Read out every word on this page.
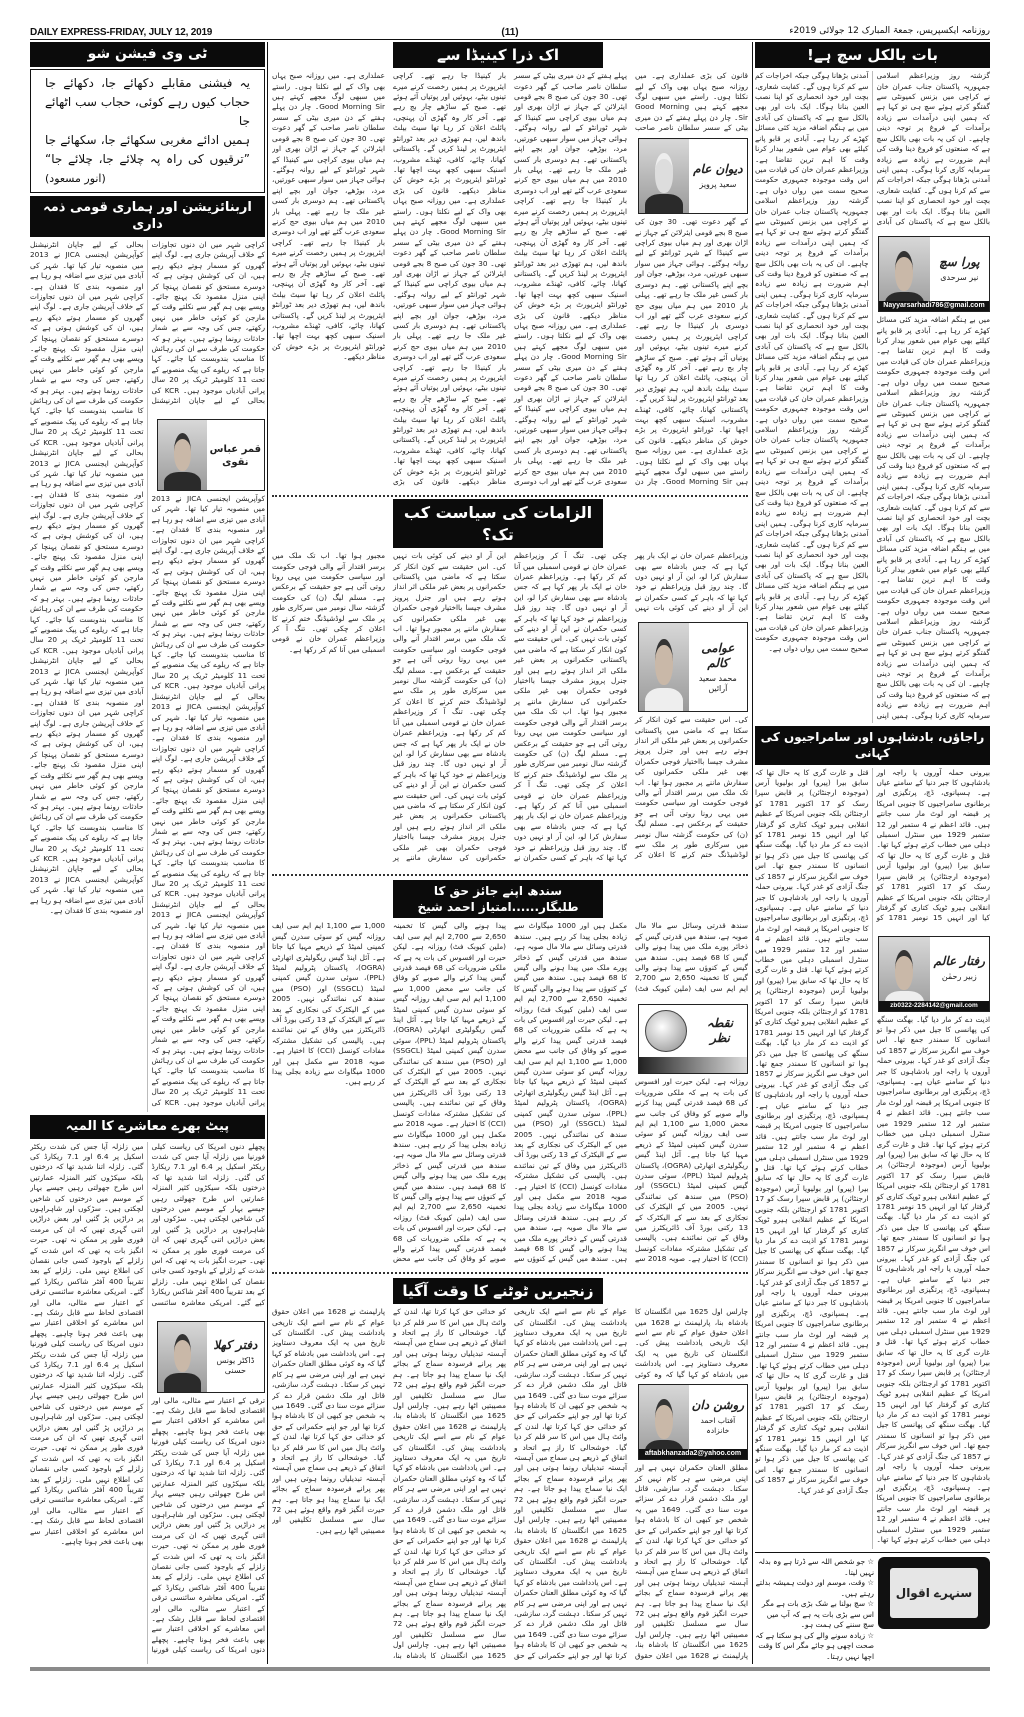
DAILY EXPRESS-FRIDAY, JULY 12, 2019	(11)	روزنامہ ایکسپریس، جمعۃ المبارک 12 جولائی 2019ء
ٹی وی فیشن شو
یہ فیشنی مقابلے دکھائے جا، دکھائے جا
حجاب کیوں رہے کوئی، حجاب سب اٹھائے جا
ہمیں ادائے مغربی سکھائے جا، سکھائے جا
”ترقیوں کی راہ پہ چلائے جا، چلائے جا“
(انور مسعود)
اربنائزیشن اور ہماری قومی ذمہ داری
قمر عباس نقوی
کراچی شہر میں ان دنوں تجاوزات کے خلاف آپریشن جاری ہے۔ لوگ اپنے گھروں کو مسمار ہوتے دیکھ رہے ہیں، ان کی کوشش ہوتی ہے کہ دوسرے مستحق کو نقصان پہنچا کر اپنی منزل مقصود تک پہنچ جائے۔ ویسے بھی ہم گھر سے نکلتے وقت کے مارجن کو کوئی خاطر میں نہیں رکھتے، جس کی وجہ سے بے شمار حادثات رونما ہوتے ہیں۔ بہتر ہو کہ حکومت کی طرف سے ان کی رہائش کا مناسب بندوبست کیا جائے۔ کہا جاتا ہے کہ ریلوے کی پیک منصوبے کے تحت 11 کلومیٹر ٹریک پر 20 سال پرانی آبادیاں موجود ہیں۔ KCR کی بحالی کے لیے جاپان انٹرنیشنل کوآپریشن ایجنسی JICA نے 2013 میں منصوبہ تیار کیا تھا۔ شہر کی آبادی میں تیزی سے اضافہ ہو رہا ہے اور منصوبہ بندی کا فقدان ہے۔ کراچی شہر میں ان دنوں تجاوزات کے خلاف آپریشن جاری ہے۔ لوگ اپنے گھروں کو مسمار ہوتے دیکھ رہے ہیں، ان کی کوشش ہوتی ہے کہ دوسرے مستحق کو نقصان پہنچا کر اپنی منزل مقصود تک پہنچ جائے۔ ویسے بھی ہم گھر سے نکلتے وقت کے مارجن کو کوئی خاطر میں نہیں رکھتے، جس کی وجہ سے بے شمار حادثات رونما ہوتے ہیں۔ بہتر ہو کہ حکومت کی طرف سے ان کی رہائش کا مناسب بندوبست کیا جائے۔ کہا جاتا ہے کہ ریلوے کی پیک منصوبے کے تحت 11 کلومیٹر ٹریک پر 20 سال پرانی آبادیاں موجود ہیں۔ KCR کی بحالی کے لیے جاپان انٹرنیشنل کوآپریشن ایجنسی JICA نے 2013 میں منصوبہ تیار کیا تھا۔ شہر کی آبادی میں تیزی سے اضافہ ہو رہا ہے اور منصوبہ بندی کا فقدان ہے۔ کراچی شہر میں ان دنوں تجاوزات کے خلاف آپریشن جاری ہے۔ لوگ اپنے گھروں کو مسمار ہوتے دیکھ رہے ہیں، ان کی کوشش ہوتی ہے کہ دوسرے مستحق کو نقصان پہنچا کر اپنی منزل مقصود تک پہنچ جائے۔ ویسے بھی ہم گھر سے نکلتے وقت کے مارجن کو کوئی خاطر میں نہیں رکھتے، جس کی وجہ سے بے شمار حادثات رونما ہوتے ہیں۔ بہتر ہو کہ حکومت کی طرف سے ان کی رہائش کا مناسب بندوبست کیا جائے۔ کہا جاتا ہے کہ ریلوے کی پیک منصوبے کے تحت 11 کلومیٹر ٹریک پر 20 سال پرانی آبادیاں موجود ہیں۔ KCR کی بحالی کے لیے جاپان انٹرنیشنل کوآپریشن ایجنسی JICA نے 2013 میں منصوبہ تیار کیا تھا۔ شہر کی آبادی میں تیزی سے اضافہ ہو رہا ہے اور منصوبہ بندی کا فقدان ہے۔ کراچی شہر میں ان دنوں تجاوزات کے خلاف آپریشن جاری ہے۔ لوگ اپنے گھروں کو مسمار ہوتے دیکھ رہے ہیں، ان کی کوشش ہوتی ہے کہ دوسرے مستحق کو نقصان پہنچا کر اپنی منزل مقصود تک پہنچ جائے۔ ویسے بھی ہم گھر سے نکلتے وقت کے مارجن کو کوئی خاطر میں نہیں رکھتے، جس کی وجہ سے بے شمار حادثات رونما ہوتے ہیں۔ بہتر ہو کہ حکومت کی طرف سے ان کی رہائش کا مناسب بندوبست کیا جائے۔ کہا جاتا ہے کہ ریلوے کی پیک منصوبے کے تحت 11 کلومیٹر ٹریک پر 20 سال پرانی آبادیاں موجود ہیں۔ KCR کی بحالی کے لیے جاپان انٹرنیشنل کوآپریشن ایجنسی JICA نے 2013 میں منصوبہ تیار کیا تھا۔ شہر کی آبادی میں تیزی سے اضافہ ہو رہا ہے اور منصوبہ بندی کا فقدان ہے۔ کراچی شہر میں ان دنوں تجاوزات کے خلاف آپریشن جاری ہے۔ لوگ اپنے گھروں کو مسمار ہوتے دیکھ رہے ہیں، ان کی کوشش ہوتی ہے کہ دوسرے مستحق کو نقصان پہنچا کر اپنی منزل مقصود تک پہنچ جائے۔ ویسے بھی ہم گھر سے نکلتے وقت کے مارجن کو کوئی خاطر میں نہیں رکھتے، جس کی وجہ سے بے شمار حادثات رونما ہوتے ہیں۔ بہتر ہو کہ حکومت کی طرف سے ان کی رہائش کا مناسب بندوبست کیا جائے۔ کہا جاتا ہے کہ ریلوے کی پیک منصوبے کے تحت 11 کلومیٹر ٹریک پر 20 سال پرانی آبادیاں موجود ہیں۔ KCR کی بحالی کے لیے جاپان انٹرنیشنل کوآپریشن ایجنسی JICA نے 2013 میں منصوبہ تیار کیا تھا۔ شہر کی آبادی میں تیزی سے اضافہ ہو رہا ہے اور منصوبہ بندی کا فقدان ہے۔ کراچی شہر میں ان دنوں تجاوزات کے خلاف آپریشن جاری ہے۔ لوگ اپنے گھروں کو مسمار ہوتے دیکھ رہے ہیں، ان کی کوشش ہوتی ہے کہ دوسرے مستحق کو نقصان پہنچا کر اپنی منزل مقصود تک پہنچ جائے۔ ویسے بھی ہم گھر سے نکلتے وقت کے مارجن کو کوئی خاطر میں نہیں رکھتے، جس کی وجہ سے بے شمار حادثات رونما ہوتے ہیں۔ بہتر ہو کہ حکومت کی طرف سے ان کی رہائش کا مناسب بندوبست کیا جائے۔ کہا جاتا ہے کہ ریلوے کی پیک منصوبے کے تحت 11 کلومیٹر ٹریک پر 20 سال پرانی آبادیاں موجود ہیں۔ KCR کی بحالی کے لیے جاپان انٹرنیشنل کوآپریشن ایجنسی JICA نے 2013 میں منصوبہ تیار کیا تھا۔ شہر کی آبادی میں تیزی سے اضافہ ہو رہا ہے اور منصوبہ بندی کا فقدان ہے۔ کراچی شہر میں ان دنوں تجاوزات کے خلاف آپریشن جاری ہے۔ لوگ اپنے گھروں کو مسمار ہوتے دیکھ رہے ہیں، ان کی کوشش ہوتی ہے کہ دوسرے مستحق کو نقصان پہنچا کر اپنی منزل مقصود تک پہنچ جائے۔ ویسے بھی ہم گھر سے نکلتے وقت کے مارجن کو کوئی خاطر میں نہیں رکھتے، جس کی وجہ سے بے شمار حادثات رونما ہوتے ہیں۔ بہتر ہو کہ حکومت کی طرف سے ان کی رہائش کا مناسب بندوبست کیا جائے۔ کہا جاتا ہے کہ ریلوے کی پیک منصوبے کے تحت 11 کلومیٹر ٹریک پر 20 سال پرانی آبادیاں موجود ہیں۔ KCR کی بحالی کے لیے جاپان انٹرنیشنل کوآپریشن ایجنسی JICA نے 2013 میں منصوبہ تیار کیا تھا۔ شہر کی آبادی میں تیزی سے اضافہ ہو رہا ہے اور منصوبہ بندی کا فقدان ہے۔
پیٹ بھرے معاشرے کا المیہ
دفتر کھلا
ڈاکٹر یونس حسنی
پچھلے دنوں امریکا کی ریاست کیلی فورنیا میں زلزلہ آیا جس کی شدت ریکٹر اسکیل پر 6.4 اور 7.1 ریکارڈ کی گئی۔ زلزلہ اتنا شدید تھا کہ درختوں بلکہ سیکڑوں کثیر المنزلہ عمارتیں اس طرح جھولتی رہیں جیسے بہار کے موسم میں درختوں کی شاخیں لچکتی ہیں۔ سڑکوں اور شاہراہوں پر دراڑیں پڑ گئیں اور بعض دراڑیں اتنی گہری تھیں کہ ان کی مرمت فوری طور پر ممکن نہ تھی۔ حیرت انگیز بات یہ تھی کہ اس شدت کے زلزلے کے باوجود کسی جانی نقصان کی اطلاع نہیں ملی۔ زلزلے کے بعد تقریباً 400 آفٹر شاکس ریکارڈ کیے گئے۔ امریکی معاشرہ سائنسی ترقی کے اعتبار سے مثالی، مالی اور اقتصادی لحاظ سے قابل رشک ہے۔ اس معاشرے کو اخلاقی اعتبار سے بھی باعث فخر ہونا چاہیے۔ پچھلے دنوں امریکا کی ریاست کیلی فورنیا میں زلزلہ آیا جس کی شدت ریکٹر اسکیل پر 6.4 اور 7.1 ریکارڈ کی گئی۔ زلزلہ اتنا شدید تھا کہ درختوں بلکہ سیکڑوں کثیر المنزلہ عمارتیں اس طرح جھولتی رہیں جیسے بہار کے موسم میں درختوں کی شاخیں لچکتی ہیں۔ سڑکوں اور شاہراہوں پر دراڑیں پڑ گئیں اور بعض دراڑیں اتنی گہری تھیں کہ ان کی مرمت فوری طور پر ممکن نہ تھی۔ حیرت انگیز بات یہ تھی کہ اس شدت کے زلزلے کے باوجود کسی جانی نقصان کی اطلاع نہیں ملی۔ زلزلے کے بعد تقریباً 400 آفٹر شاکس ریکارڈ کیے گئے۔ امریکی معاشرہ سائنسی ترقی کے اعتبار سے مثالی، مالی اور اقتصادی لحاظ سے قابل رشک ہے۔ اس معاشرے کو اخلاقی اعتبار سے بھی باعث فخر ہونا چاہیے۔ پچھلے دنوں امریکا کی ریاست کیلی فورنیا میں زلزلہ آیا جس کی شدت ریکٹر اسکیل پر 6.4 اور 7.1 ریکارڈ کی گئی۔ زلزلہ اتنا شدید تھا کہ درختوں بلکہ سیکڑوں کثیر المنزلہ عمارتیں اس طرح جھولتی رہیں جیسے بہار کے موسم میں درختوں کی شاخیں لچکتی ہیں۔ سڑکوں اور شاہراہوں پر دراڑیں پڑ گئیں اور بعض دراڑیں اتنی گہری تھیں کہ ان کی مرمت فوری طور پر ممکن نہ تھی۔ حیرت انگیز بات یہ تھی کہ اس شدت کے زلزلے کے باوجود کسی جانی نقصان کی اطلاع نہیں ملی۔ زلزلے کے بعد تقریباً 400 آفٹر شاکس ریکارڈ کیے گئے۔ امریکی معاشرہ سائنسی ترقی کے اعتبار سے مثالی، مالی اور اقتصادی لحاظ سے قابل رشک ہے۔ اس معاشرے کو اخلاقی اعتبار سے بھی باعث فخر ہونا چاہیے۔ پچھلے دنوں امریکا کی ریاست کیلی فورنیا میں زلزلہ آیا جس کی شدت ریکٹر اسکیل پر 6.4 اور 7.1 ریکارڈ کی گئی۔ زلزلہ اتنا شدید تھا کہ درختوں بلکہ سیکڑوں کثیر المنزلہ عمارتیں اس طرح جھولتی رہیں جیسے بہار کے موسم میں درختوں کی شاخیں لچکتی ہیں۔ سڑکوں اور شاہراہوں پر دراڑیں پڑ گئیں اور بعض دراڑیں اتنی گہری تھیں کہ ان کی مرمت فوری طور پر ممکن نہ تھی۔ حیرت انگیز بات یہ تھی کہ اس شدت کے زلزلے کے باوجود کسی جانی نقصان کی اطلاع نہیں ملی۔ زلزلے کے بعد تقریباً 400 آفٹر شاکس ریکارڈ کیے گئے۔ امریکی معاشرہ سائنسی ترقی کے اعتبار سے مثالی، مالی اور اقتصادی لحاظ سے قابل رشک ہے۔ اس معاشرے کو اخلاقی اعتبار سے بھی باعث فخر ہونا چاہیے۔
اک ذرا کینیڈا سے
دیوان عام
سعید پرویز
قانون کی بڑی عملداری ہے۔ میں روزانہ صبح یہاں بھی واک کے لیے نکلتا ہوں۔ راستے میں سبھی لوگ مجھے کہتے ہیں Good Morning Sir۔ چار دن پہلے ہفتے کے دن میری بیٹی کے سسر سلطان ناصر صاحب کے گھر دعوت تھی۔ 30 جون کی صبح 8 بجے قومی ایئرلائن کے جہاز نے اڑان بھری اور ہم میاں بیوی کراچی سے کینیڈا کے شہر ٹورانٹو کے لیے روانہ ہوگئے۔ ہوائی جہاز میں سوار سبھی عورتیں، مرد، بوڑھے، جوان اور بچے اپنے پاکستانی تھے۔ ہم دوسری بار کسی غیر ملک جا رہے تھے۔ پہلی بار 2010 میں ہم میاں بیوی حج کرنے سعودی عرب گئے تھے اور اب دوسری بار کینیڈا جا رہے تھے۔ کراچی ایئرپورٹ پر ہمیں رخصت کرنے میرے تینوں بیٹے، بہوئیں اور پوتیاں آئے ہوئے تھے۔ صبح کے ساڑھے چار بج رہے تھے۔ آخر کار وہ گھڑی آن پہنچی، پائلٹ اعلان کر رہا تھا سیٹ بیلٹ باندھ لیں، ہم تھوڑی دیر بعد ٹورانٹو ایئرپورٹ پر لینڈ کریں گے۔ پاکستانی کھانا، چائے، کافی، ٹھنڈے مشروب، اسنیک سبھی کچھ بہت اچھا تھا۔ ٹورانٹو ایئرپورٹ پر بڑے خوش کن مناظر دیکھے۔ قانون کی بڑی عملداری ہے۔ میں روزانہ صبح یہاں بھی واک کے لیے نکلتا ہوں۔ راستے میں سبھی لوگ مجھے کہتے ہیں Good Morning Sir۔ چار دن پہلے ہفتے کے دن میری بیٹی کے سسر سلطان ناصر صاحب کے گھر دعوت تھی۔ 30 جون کی صبح 8 بجے قومی ایئرلائن کے جہاز نے اڑان بھری اور ہم میاں بیوی کراچی سے کینیڈا کے شہر ٹورانٹو کے لیے روانہ ہوگئے۔ ہوائی جہاز میں سوار سبھی عورتیں، مرد، بوڑھے، جوان اور بچے اپنے پاکستانی تھے۔ ہم دوسری بار کسی غیر ملک جا رہے تھے۔ پہلی بار 2010 میں ہم میاں بیوی حج کرنے سعودی عرب گئے تھے اور اب دوسری بار کینیڈا جا رہے تھے۔ کراچی ایئرپورٹ پر ہمیں رخصت کرنے میرے تینوں بیٹے، بہوئیں اور پوتیاں آئے ہوئے تھے۔ صبح کے ساڑھے چار بج رہے تھے۔ آخر کار وہ گھڑی آن پہنچی، پائلٹ اعلان کر رہا تھا سیٹ بیلٹ باندھ لیں، ہم تھوڑی دیر بعد ٹورانٹو ایئرپورٹ پر لینڈ کریں گے۔ پاکستانی کھانا، چائے، کافی، ٹھنڈے مشروب، اسنیک سبھی کچھ بہت اچھا تھا۔ ٹورانٹو ایئرپورٹ پر بڑے خوش کن مناظر دیکھے۔ قانون کی بڑی عملداری ہے۔ میں روزانہ صبح یہاں بھی واک کے لیے نکلتا ہوں۔ راستے میں سبھی لوگ مجھے کہتے ہیں Good Morning Sir۔ چار دن پہلے ہفتے کے دن میری بیٹی کے سسر سلطان ناصر صاحب کے گھر دعوت تھی۔ 30 جون کی صبح 8 بجے قومی ایئرلائن کے جہاز نے اڑان بھری اور ہم میاں بیوی کراچی سے کینیڈا کے شہر ٹورانٹو کے لیے روانہ ہوگئے۔ ہوائی جہاز میں سوار سبھی عورتیں، مرد، بوڑھے، جوان اور بچے اپنے پاکستانی تھے۔ ہم دوسری بار کسی غیر ملک جا رہے تھے۔ پہلی بار 2010 میں ہم میاں بیوی حج کرنے سعودی عرب گئے تھے اور اب دوسری بار کینیڈا جا رہے تھے۔ کراچی ایئرپورٹ پر ہمیں رخصت کرنے میرے تینوں بیٹے، بہوئیں اور پوتیاں آئے ہوئے تھے۔ صبح کے ساڑھے چار بج رہے تھے۔ آخر کار وہ گھڑی آن پہنچی، پائلٹ اعلان کر رہا تھا سیٹ بیلٹ باندھ لیں، ہم تھوڑی دیر بعد ٹورانٹو ایئرپورٹ پر لینڈ کریں گے۔ پاکستانی کھانا، چائے، کافی، ٹھنڈے مشروب، اسنیک سبھی کچھ بہت اچھا تھا۔ ٹورانٹو ایئرپورٹ پر بڑے خوش کن مناظر دیکھے۔ قانون کی بڑی عملداری ہے۔ میں روزانہ صبح یہاں بھی واک کے لیے نکلتا ہوں۔ راستے میں سبھی لوگ مجھے کہتے ہیں Good Morning Sir۔ چار دن پہلے ہفتے کے دن میری بیٹی کے سسر سلطان ناصر صاحب کے گھر دعوت تھی۔ 30 جون کی صبح 8 بجے قومی ایئرلائن کے جہاز نے اڑان بھری اور ہم میاں بیوی کراچی سے کینیڈا کے شہر ٹورانٹو کے لیے روانہ ہوگئے۔ ہوائی جہاز میں سوار سبھی عورتیں، مرد، بوڑھے، جوان اور بچے اپنے پاکستانی تھے۔ ہم دوسری بار کسی غیر ملک جا رہے تھے۔ پہلی بار 2010 میں ہم میاں بیوی حج کرنے سعودی عرب گئے تھے اور اب دوسری بار کینیڈا جا رہے تھے۔ کراچی ایئرپورٹ پر ہمیں رخصت کرنے میرے تینوں بیٹے، بہوئیں اور پوتیاں آئے ہوئے تھے۔ صبح کے ساڑھے چار بج رہے تھے۔ آخر کار وہ گھڑی آن پہنچی، پائلٹ اعلان کر رہا تھا سیٹ بیلٹ باندھ لیں، ہم تھوڑی دیر بعد ٹورانٹو ایئرپورٹ پر لینڈ کریں گے۔ پاکستانی کھانا، چائے، کافی، ٹھنڈے مشروب، اسنیک سبھی کچھ بہت اچھا تھا۔ ٹورانٹو ایئرپورٹ پر بڑے خوش کن مناظر دیکھے۔ قانون کی بڑی عملداری ہے۔ میں روزانہ صبح یہاں بھی واک کے لیے نکلتا ہوں۔ راستے میں سبھی لوگ مجھے کہتے ہیں Good Morning Sir۔ چار دن پہلے ہفتے کے دن میری بیٹی کے سسر سلطان ناصر صاحب کے گھر دعوت تھی۔ 30 جون کی صبح 8 بجے قومی ایئرلائن کے جہاز نے اڑان بھری اور ہم میاں بیوی کراچی سے کینیڈا کے شہر ٹورانٹو کے لیے روانہ ہوگئے۔ ہوائی جہاز میں سوار سبھی عورتیں، مرد، بوڑھے، جوان اور بچے اپنے پاکستانی تھے۔ ہم دوسری بار کسی غیر ملک جا رہے تھے۔ پہلی بار 2010 میں ہم میاں بیوی حج کرنے سعودی عرب گئے تھے اور اب دوسری بار کینیڈا جا رہے تھے۔ کراچی ایئرپورٹ پر ہمیں رخصت کرنے میرے تینوں بیٹے، بہوئیں اور پوتیاں آئے ہوئے تھے۔ صبح کے ساڑھے چار بج رہے تھے۔ آخر کار وہ گھڑی آن پہنچی، پائلٹ اعلان کر رہا تھا سیٹ بیلٹ باندھ لیں، ہم تھوڑی دیر بعد ٹورانٹو ایئرپورٹ پر لینڈ کریں گے۔ پاکستانی کھانا، چائے، کافی، ٹھنڈے مشروب، اسنیک سبھی کچھ بہت اچھا تھا۔ ٹورانٹو ایئرپورٹ پر بڑے خوش کن مناظر دیکھے۔
الزامات کی سیاست کب تک؟
عوامی کالم
محمد سعید آرائیں
وزیراعظم عمران خان نے ایک بار پھر کہا ہے کہ جس بادشاہ سے بھی سفارش کرا لو، این آر او نہیں دوں گا۔ چند روز قبل وزیراعظم نے خود کہا تھا کہ باہر کے کسی حکمران نے این آر او دینے کی کوئی بات نہیں کی۔ اس حقیقت سے کون انکار کر سکتا ہے کہ ماضی میں پاکستانی حکمرانوں پر بعض غیر ملکی اثر انداز ہوتے رہے ہیں اور جنرل پرویز مشرف جیسا بااختیار فوجی حکمران بھی غیر ملکی حکمرانوں کی سفارش ماننے پر مجبور ہوا تھا۔ اب تک ملک میں برسر اقتدار آنے والی فوجی حکومت اور سیاسی حکومت میں یہی رونا روتی آئی ہے جو حقیقت کے برعکس ہے۔ مسلم لیگ (ن) کی حکومت گزشتہ سال نومبر میں سرکاری طور پر ملک سے لوڈشیڈنگ ختم کرنے کا اعلان کر چکی تھی۔ تنگ آ کر وزیراعظم عمران خان نے قومی اسمبلی میں آنا کم کر رکھا ہے۔ وزیراعظم عمران خان نے ایک بار پھر کہا ہے کہ جس بادشاہ سے بھی سفارش کرا لو، این آر او نہیں دوں گا۔ چند روز قبل وزیراعظم نے خود کہا تھا کہ باہر کے کسی حکمران نے این آر او دینے کی کوئی بات نہیں کی۔ اس حقیقت سے کون انکار کر سکتا ہے کہ ماضی میں پاکستانی حکمرانوں پر بعض غیر ملکی اثر انداز ہوتے رہے ہیں اور جنرل پرویز مشرف جیسا بااختیار فوجی حکمران بھی غیر ملکی حکمرانوں کی سفارش ماننے پر مجبور ہوا تھا۔ اب تک ملک میں برسر اقتدار آنے والی فوجی حکومت اور سیاسی حکومت میں یہی رونا روتی آئی ہے جو حقیقت کے برعکس ہے۔ مسلم لیگ (ن) کی حکومت گزشتہ سال نومبر میں سرکاری طور پر ملک سے لوڈشیڈنگ ختم کرنے کا اعلان کر چکی تھی۔ تنگ آ کر وزیراعظم عمران خان نے قومی اسمبلی میں آنا کم کر رکھا ہے۔ وزیراعظم عمران خان نے ایک بار پھر کہا ہے کہ جس بادشاہ سے بھی سفارش کرا لو، این آر او نہیں دوں گا۔ چند روز قبل وزیراعظم نے خود کہا تھا کہ باہر کے کسی حکمران نے این آر او دینے کی کوئی بات نہیں کی۔ اس حقیقت سے کون انکار کر سکتا ہے کہ ماضی میں پاکستانی حکمرانوں پر بعض غیر ملکی اثر انداز ہوتے رہے ہیں اور جنرل پرویز مشرف جیسا بااختیار فوجی حکمران بھی غیر ملکی حکمرانوں کی سفارش ماننے پر مجبور ہوا تھا۔ اب تک ملک میں برسر اقتدار آنے والی فوجی حکومت اور سیاسی حکومت میں یہی رونا روتی آئی ہے جو حقیقت کے برعکس ہے۔ مسلم لیگ (ن) کی حکومت گزشتہ سال نومبر میں سرکاری طور پر ملک سے لوڈشیڈنگ ختم کرنے کا اعلان کر چکی تھی۔ تنگ آ کر وزیراعظم عمران خان نے قومی اسمبلی میں آنا کم کر رکھا ہے۔ وزیراعظم عمران خان نے ایک بار پھر کہا ہے کہ جس بادشاہ سے بھی سفارش کرا لو، این آر او نہیں دوں گا۔ چند روز قبل وزیراعظم نے خود کہا تھا کہ باہر کے کسی حکمران نے این آر او دینے کی کوئی بات نہیں کی۔ اس حقیقت سے کون انکار کر سکتا ہے کہ ماضی میں پاکستانی حکمرانوں پر بعض غیر ملکی اثر انداز ہوتے رہے ہیں اور جنرل پرویز مشرف جیسا بااختیار فوجی حکمران بھی غیر ملکی حکمرانوں کی سفارش ماننے پر مجبور ہوا تھا۔ اب تک ملک میں برسر اقتدار آنے والی فوجی حکومت اور سیاسی حکومت میں یہی رونا روتی آئی ہے جو حقیقت کے برعکس ہے۔ مسلم لیگ (ن) کی حکومت گزشتہ سال نومبر میں سرکاری طور پر ملک سے لوڈشیڈنگ ختم کرنے کا اعلان کر چکی تھی۔ تنگ آ کر وزیراعظم عمران خان نے قومی اسمبلی میں آنا کم کر رکھا ہے۔
سندھ اپنے جائز حق کا طلبگار......امتیاز احمد شیخ
نقطہ نظر
سندھ قدرتی وسائل سے مالا مال صوبہ ہے، سندھ میں قدرتی گیس کے ذخائر پورے ملک میں پیدا ہونے والی گیس کا 68 فیصد ہیں۔ سندھ میں گیس کے کنوؤں سے پیدا ہونے والی گیس کا تخمینہ 2,650 سے 2,700 ایم ایم سی ایف (ملین کیوبک فٹ) روزانہ ہے۔ لیکن حیرت اور افسوس کی بات یہ ہے کہ ملکی ضروریات کی 68 فیصد قدرتی گیس پیدا کرنے والے صوبے کو وفاق کی جانب سے محض 1,000 سے 1,100 ایم ایم سی ایف روزانہ گیس کو سوئی سدرن گیس کمپنی لمیٹڈ کے ذریعے مہیا کیا جاتا ہے۔ آئل اینڈ گیس ریگولیٹری اتھارٹی (OGRA)، پاکستان پٹرولیم لمیٹڈ (PPL)، سوئی سدرن گیس کمپنی لمیٹڈ (SSGCL) اور (PSO) میں سندھ کی نمائندگی نہیں۔ 2005 میں کے الیکٹرک کی نجکاری کے بعد سے کے الیکٹرک کے 13 رکنی بورڈ آف ڈائریکٹرز میں وفاق کے تین نمائندے ہیں۔ پالیسی کی تشکیل مشترکہ مفادات کونسل (CCI) کا اختیار ہے۔ صوبہ 2018 سے مکمل ہیں اور 1000 میگاواٹ سے زیادہ بجلی پیدا کر رہے ہیں۔ سندھ قدرتی وسائل سے مالا مال صوبہ ہے، سندھ میں قدرتی گیس کے ذخائر پورے ملک میں پیدا ہونے والی گیس کا 68 فیصد ہیں۔ سندھ میں گیس کے کنوؤں سے پیدا ہونے والی گیس کا تخمینہ 2,650 سے 2,700 ایم ایم سی ایف (ملین کیوبک فٹ) روزانہ ہے۔ لیکن حیرت اور افسوس کی بات یہ ہے کہ ملکی ضروریات کی 68 فیصد قدرتی گیس پیدا کرنے والے صوبے کو وفاق کی جانب سے محض 1,000 سے 1,100 ایم ایم سی ایف روزانہ گیس کو سوئی سدرن گیس کمپنی لمیٹڈ کے ذریعے مہیا کیا جاتا ہے۔ آئل اینڈ گیس ریگولیٹری اتھارٹی (OGRA)، پاکستان پٹرولیم لمیٹڈ (PPL)، سوئی سدرن گیس کمپنی لمیٹڈ (SSGCL) اور (PSO) میں سندھ کی نمائندگی نہیں۔ 2005 میں کے الیکٹرک کی نجکاری کے بعد سے کے الیکٹرک کے 13 رکنی بورڈ آف ڈائریکٹرز میں وفاق کے تین نمائندے ہیں۔ پالیسی کی تشکیل مشترکہ مفادات کونسل (CCI) کا اختیار ہے۔ صوبہ 2018 سے مکمل ہیں اور 1000 میگاواٹ سے زیادہ بجلی پیدا کر رہے ہیں۔ سندھ قدرتی وسائل سے مالا مال صوبہ ہے، سندھ میں قدرتی گیس کے ذخائر پورے ملک میں پیدا ہونے والی گیس کا 68 فیصد ہیں۔ سندھ میں گیس کے کنوؤں سے پیدا ہونے والی گیس کا تخمینہ 2,650 سے 2,700 ایم ایم سی ایف (ملین کیوبک فٹ) روزانہ ہے۔ لیکن حیرت اور افسوس کی بات یہ ہے کہ ملکی ضروریات کی 68 فیصد قدرتی گیس پیدا کرنے والے صوبے کو وفاق کی جانب سے محض 1,000 سے 1,100 ایم ایم سی ایف روزانہ گیس کو سوئی سدرن گیس کمپنی لمیٹڈ کے ذریعے مہیا کیا جاتا ہے۔ آئل اینڈ گیس ریگولیٹری اتھارٹی (OGRA)، پاکستان پٹرولیم لمیٹڈ (PPL)، سوئی سدرن گیس کمپنی لمیٹڈ (SSGCL) اور (PSO) میں سندھ کی نمائندگی نہیں۔ 2005 میں کے الیکٹرک کی نجکاری کے بعد سے کے الیکٹرک کے 13 رکنی بورڈ آف ڈائریکٹرز میں وفاق کے تین نمائندے ہیں۔ پالیسی کی تشکیل مشترکہ مفادات کونسل (CCI) کا اختیار ہے۔ صوبہ 2018 سے مکمل ہیں اور 1000 میگاواٹ سے زیادہ بجلی پیدا کر رہے ہیں۔ سندھ قدرتی وسائل سے مالا مال صوبہ ہے، سندھ میں قدرتی گیس کے ذخائر پورے ملک میں پیدا ہونے والی گیس کا 68 فیصد ہیں۔ سندھ میں گیس کے کنوؤں سے پیدا ہونے والی گیس کا تخمینہ 2,650 سے 2,700 ایم ایم سی ایف (ملین کیوبک فٹ) روزانہ ہے۔ لیکن حیرت اور افسوس کی بات یہ ہے کہ ملکی ضروریات کی 68 فیصد قدرتی گیس پیدا کرنے والے صوبے کو وفاق کی جانب سے محض 1,000 سے 1,100 ایم ایم سی ایف روزانہ گیس کو سوئی سدرن گیس کمپنی لمیٹڈ کے ذریعے مہیا کیا جاتا ہے۔ آئل اینڈ گیس ریگولیٹری اتھارٹی (OGRA)، پاکستان پٹرولیم لمیٹڈ (PPL)، سوئی سدرن گیس کمپنی لمیٹڈ (SSGCL) اور (PSO) میں سندھ کی نمائندگی نہیں۔ 2005 میں کے الیکٹرک کی نجکاری کے بعد سے کے الیکٹرک کے 13 رکنی بورڈ آف ڈائریکٹرز میں وفاق کے تین نمائندے ہیں۔ پالیسی کی تشکیل مشترکہ مفادات کونسل (CCI) کا اختیار ہے۔ صوبہ 2018 سے مکمل ہیں اور 1000 میگاواٹ سے زیادہ بجلی پیدا کر رہے ہیں۔
زنجیریں ٹوٹنے کا وقت آگیا
روشن دان
آفتاب احمد خانزادہ
aftabkhanzada2@yahoo.com
چارلس اول 1625 میں انگلستان کا بادشاہ بنا، پارلیمنٹ نے 1628 میں اعلان حقوق عوام کے نام سے اسے ایک تاریخی یادداشت پیش کی۔ انگلستان کی تاریخ میں یہ ایک معروف دستاویز ہے۔ اس یادداشت میں بادشاہ کو کہا گیا کہ وہ کوئی مطلق العنان حکمران نہیں ہے اور اپنی مرضی سے ہر کام نہیں کر سکتا۔ دہشت گرد، سازشی، قاتل اور ملک دشمن قرار دے کر سزائے موت سنا دی گئی۔ 1649 میں یہ شخص جو کبھی ان کا بادشاہ ہوا کرتا تھا اور جو اپنے حکمرانی کے حق کو خدائی حق کہا کرتا تھا، لندن کے وائٹ ہال میں اس کا سر قلم کر دیا گیا۔ خوشحالی کا راز ہے اتحاد و اتفاق کے ذریعے ہی سماج میں آہستہ آہستہ تبدیلیاں رونما ہوتی ہیں اور پھر پرانے فرسودہ سماج کے بجائے ایک نیا سماج پیدا ہو جاتا ہے۔ ہم حیرت انگیز قوم واقع ہوئے ہیں 72 سال سے مسلسل تکلیفیں اور مصیبتیں اٹھا رہے ہیں۔ چارلس اول 1625 میں انگلستان کا بادشاہ بنا، پارلیمنٹ نے 1628 میں اعلان حقوق عوام کے نام سے اسے ایک تاریخی یادداشت پیش کی۔ انگلستان کی تاریخ میں یہ ایک معروف دستاویز ہے۔ اس یادداشت میں بادشاہ کو کہا گیا کہ وہ کوئی مطلق العنان حکمران نہیں ہے اور اپنی مرضی سے ہر کام نہیں کر سکتا۔ دہشت گرد، سازشی، قاتل اور ملک دشمن قرار دے کر سزائے موت سنا دی گئی۔ 1649 میں یہ شخص جو کبھی ان کا بادشاہ ہوا کرتا تھا اور جو اپنے حکمرانی کے حق کو خدائی حق کہا کرتا تھا، لندن کے وائٹ ہال میں اس کا سر قلم کر دیا گیا۔ خوشحالی کا راز ہے اتحاد و اتفاق کے ذریعے ہی سماج میں آہستہ آہستہ تبدیلیاں رونما ہوتی ہیں اور پھر پرانے فرسودہ سماج کے بجائے ایک نیا سماج پیدا ہو جاتا ہے۔ ہم حیرت انگیز قوم واقع ہوئے ہیں 72 سال سے مسلسل تکلیفیں اور مصیبتیں اٹھا رہے ہیں۔ چارلس اول 1625 میں انگلستان کا بادشاہ بنا، پارلیمنٹ نے 1628 میں اعلان حقوق عوام کے نام سے اسے ایک تاریخی یادداشت پیش کی۔ انگلستان کی تاریخ میں یہ ایک معروف دستاویز ہے۔ اس یادداشت میں بادشاہ کو کہا گیا کہ وہ کوئی مطلق العنان حکمران نہیں ہے اور اپنی مرضی سے ہر کام نہیں کر سکتا۔ دہشت گرد، سازشی، قاتل اور ملک دشمن قرار دے کر سزائے موت سنا دی گئی۔ 1649 میں یہ شخص جو کبھی ان کا بادشاہ ہوا کرتا تھا اور جو اپنے حکمرانی کے حق کو خدائی حق کہا کرتا تھا، لندن کے وائٹ ہال میں اس کا سر قلم کر دیا گیا۔ خوشحالی کا راز ہے اتحاد و اتفاق کے ذریعے ہی سماج میں آہستہ آہستہ تبدیلیاں رونما ہوتی ہیں اور پھر پرانے فرسودہ سماج کے بجائے ایک نیا سماج پیدا ہو جاتا ہے۔ ہم حیرت انگیز قوم واقع ہوئے ہیں 72 سال سے مسلسل تکلیفیں اور مصیبتیں اٹھا رہے ہیں۔ چارلس اول 1625 میں انگلستان کا بادشاہ بنا، پارلیمنٹ نے 1628 میں اعلان حقوق عوام کے نام سے اسے ایک تاریخی یادداشت پیش کی۔ انگلستان کی تاریخ میں یہ ایک معروف دستاویز ہے۔ اس یادداشت میں بادشاہ کو کہا گیا کہ وہ کوئی مطلق العنان حکمران نہیں ہے اور اپنی مرضی سے ہر کام نہیں کر سکتا۔ دہشت گرد، سازشی، قاتل اور ملک دشمن قرار دے کر سزائے موت سنا دی گئی۔ 1649 میں یہ شخص جو کبھی ان کا بادشاہ ہوا کرتا تھا اور جو اپنے حکمرانی کے حق کو خدائی حق کہا کرتا تھا، لندن کے وائٹ ہال میں اس کا سر قلم کر دیا گیا۔ خوشحالی کا راز ہے اتحاد و اتفاق کے ذریعے ہی سماج میں آہستہ آہستہ تبدیلیاں رونما ہوتی ہیں اور پھر پرانے فرسودہ سماج کے بجائے ایک نیا سماج پیدا ہو جاتا ہے۔ ہم حیرت انگیز قوم واقع ہوئے ہیں 72 سال سے مسلسل تکلیفیں اور مصیبتیں اٹھا رہے ہیں۔ چارلس اول 1625 میں انگلستان کا بادشاہ بنا، پارلیمنٹ نے 1628 میں اعلان حقوق عوام کے نام سے اسے ایک تاریخی یادداشت پیش کی۔ انگلستان کی تاریخ میں یہ ایک معروف دستاویز ہے۔ اس یادداشت میں بادشاہ کو کہا گیا کہ وہ کوئی مطلق العنان حکمران نہیں ہے اور اپنی مرضی سے ہر کام نہیں کر سکتا۔ دہشت گرد، سازشی، قاتل اور ملک دشمن قرار دے کر سزائے موت سنا دی گئی۔ 1649 میں یہ شخص جو کبھی ان کا بادشاہ ہوا کرتا تھا اور جو اپنے حکمرانی کے حق کو خدائی حق کہا کرتا تھا، لندن کے وائٹ ہال میں اس کا سر قلم کر دیا گیا۔ خوشحالی کا راز ہے اتحاد و اتفاق کے ذریعے ہی سماج میں آہستہ آہستہ تبدیلیاں رونما ہوتی ہیں اور پھر پرانے فرسودہ سماج کے بجائے ایک نیا سماج پیدا ہو جاتا ہے۔ ہم حیرت انگیز قوم واقع ہوئے ہیں 72 سال سے مسلسل تکلیفیں اور مصیبتیں اٹھا رہے ہیں۔
بات بالکل سچ ہے!
پورا سچ
نیر سرحدی
Nayyarsarhadi786@gmail.com
گزشتہ روز وزیراعظم اسلامی جمہوریہ پاکستان جناب عمران خان نے کراچی میں بزنس کمیونٹی سے گفتگو کرتے ہوئے سچ ہی تو کہا ہے کہ ہمیں اپنی درآمدات سے زیادہ برآمدات کے فروغ پر توجہ دینی چاہیے۔ ان کی یہ بات بھی بالکل سچ ہے کہ صنعتوں کو فروغ دینا وقت کی اہم ضرورت ہے زیادہ سے زیادہ سرمایہ کاری کرنا ہوگی۔ ہمیں اپنی آمدنی بڑھانا ہوگی جبکہ اخراجات کم سے کم کرنا ہوں گے۔ کفایت شعاری، بچت اور خود انحصاری کو اپنا نصب العین بنانا ہوگا۔ ایک بات اور بھی بالکل سچ ہے کہ پاکستان کی آبادی میں بے ہنگم اضافہ مزید کئی مسائل کھڑے کر رہا ہے۔ آبادی پر قابو پانے کیلئے بھی عوام میں شعور بیدار کرنا وقت کا اہم ترین تقاضا ہے۔ وزیراعظم عمران خان کی قیادت میں اس وقت موجودہ جمہوری حکومت صحیح سمت میں رواں دواں ہے۔ گزشتہ روز وزیراعظم اسلامی جمہوریہ پاکستان جناب عمران خان نے کراچی میں بزنس کمیونٹی سے گفتگو کرتے ہوئے سچ ہی تو کہا ہے کہ ہمیں اپنی درآمدات سے زیادہ برآمدات کے فروغ پر توجہ دینی چاہیے۔ ان کی یہ بات بھی بالکل سچ ہے کہ صنعتوں کو فروغ دینا وقت کی اہم ضرورت ہے زیادہ سے زیادہ سرمایہ کاری کرنا ہوگی۔ ہمیں اپنی آمدنی بڑھانا ہوگی جبکہ اخراجات کم سے کم کرنا ہوں گے۔ کفایت شعاری، بچت اور خود انحصاری کو اپنا نصب العین بنانا ہوگا۔ ایک بات اور بھی بالکل سچ ہے کہ پاکستان کی آبادی میں بے ہنگم اضافہ مزید کئی مسائل کھڑے کر رہا ہے۔ آبادی پر قابو پانے کیلئے بھی عوام میں شعور بیدار کرنا وقت کا اہم ترین تقاضا ہے۔ وزیراعظم عمران خان کی قیادت میں اس وقت موجودہ جمہوری حکومت صحیح سمت میں رواں دواں ہے۔ گزشتہ روز وزیراعظم اسلامی جمہوریہ پاکستان جناب عمران خان نے کراچی میں بزنس کمیونٹی سے گفتگو کرتے ہوئے سچ ہی تو کہا ہے کہ ہمیں اپنی درآمدات سے زیادہ برآمدات کے فروغ پر توجہ دینی چاہیے۔ ان کی یہ بات بھی بالکل سچ ہے کہ صنعتوں کو فروغ دینا وقت کی اہم ضرورت ہے زیادہ سے زیادہ سرمایہ کاری کرنا ہوگی۔ ہمیں اپنی آمدنی بڑھانا ہوگی جبکہ اخراجات کم سے کم کرنا ہوں گے۔ کفایت شعاری، بچت اور خود انحصاری کو اپنا نصب العین بنانا ہوگا۔ ایک بات اور بھی بالکل سچ ہے کہ پاکستان کی آبادی میں بے ہنگم اضافہ مزید کئی مسائل کھڑے کر رہا ہے۔ آبادی پر قابو پانے کیلئے بھی عوام میں شعور بیدار کرنا وقت کا اہم ترین تقاضا ہے۔ وزیراعظم عمران خان کی قیادت میں اس وقت موجودہ جمہوری حکومت صحیح سمت میں رواں دواں ہے۔ گزشتہ روز وزیراعظم اسلامی جمہوریہ پاکستان جناب عمران خان نے کراچی میں بزنس کمیونٹی سے گفتگو کرتے ہوئے سچ ہی تو کہا ہے کہ ہمیں اپنی درآمدات سے زیادہ برآمدات کے فروغ پر توجہ دینی چاہیے۔ ان کی یہ بات بھی بالکل سچ ہے کہ صنعتوں کو فروغ دینا وقت کی اہم ضرورت ہے زیادہ سے زیادہ سرمایہ کاری کرنا ہوگی۔ ہمیں اپنی آمدنی بڑھانا ہوگی جبکہ اخراجات کم سے کم کرنا ہوں گے۔ کفایت شعاری، بچت اور خود انحصاری کو اپنا نصب العین بنانا ہوگا۔ ایک بات اور بھی بالکل سچ ہے کہ پاکستان کی آبادی میں بے ہنگم اضافہ مزید کئی مسائل کھڑے کر رہا ہے۔ آبادی پر قابو پانے کیلئے بھی عوام میں شعور بیدار کرنا وقت کا اہم ترین تقاضا ہے۔ وزیراعظم عمران خان کی قیادت میں اس وقت موجودہ جمہوری حکومت صحیح سمت میں رواں دواں ہے۔ گزشتہ روز وزیراعظم اسلامی جمہوریہ پاکستان جناب عمران خان نے کراچی میں بزنس کمیونٹی سے گفتگو کرتے ہوئے سچ ہی تو کہا ہے کہ ہمیں اپنی درآمدات سے زیادہ برآمدات کے فروغ پر توجہ دینی چاہیے۔ ان کی یہ بات بھی بالکل سچ ہے کہ صنعتوں کو فروغ دینا وقت کی اہم ضرورت ہے زیادہ سے زیادہ سرمایہ کاری کرنا ہوگی۔ ہمیں اپنی آمدنی بڑھانا ہوگی جبکہ اخراجات کم سے کم کرنا ہوں گے۔ کفایت شعاری، بچت اور خود انحصاری کو اپنا نصب العین بنانا ہوگا۔ ایک بات اور بھی بالکل سچ ہے کہ پاکستان کی آبادی میں بے ہنگم اضافہ مزید کئی مسائل کھڑے کر رہا ہے۔ آبادی پر قابو پانے کیلئے بھی عوام میں شعور بیدار کرنا وقت کا اہم ترین تقاضا ہے۔ وزیراعظم عمران خان کی قیادت میں اس وقت موجودہ جمہوری حکومت صحیح سمت میں رواں دواں ہے۔
راجاؤں، بادشاہوں اور سامراجیوں کی کہانی
رفتار عالم
زبیر رحمٰن
zb0322-2284142@gmail.com
بیرونی حملہ آوروں یا راجہ اور بادشاہوں کا جبر دنیا کے سامنے عیاں ہے۔ ہسپانوی، ڈچ، پرتگیزی اور برطانوی سامراجیوں کا جنوبی امریکا پر قبضہ اور لوٹ مار سب جانتے ہیں۔ قائد اعظم نے 4 ستمبر اور 12 ستمبر 1929 میں سنٹرل اسمبلی دہلی میں خطاب کرتے ہوئے کہا تھا۔ قتل و غارت گری کا یہ حال تھا کہ سابق بیرا (پیرو) اور بولیویا آرس (موجودہ ارجنٹائن) پر قابض سپرا رسک کو 17 اکتوبر 1781 کو ارجنٹائن بلکہ جنوبی امریکا کے عظیم انقلابی ہیرو ٹوپک کتاری کو گرفتار کیا اور انہیں 15 نومبر 1781 کو اذیت دے کر مار دیا گیا۔ بھگت سنگھ کی پھانسی کا جیل میں ذکر ہوا تو انسانوں کا سمندر جمع تھا۔ اس خوف سے انگریز سرکار نے 1857 کی جنگ آزادی کو غدر کہا۔ بیرونی حملہ آوروں یا راجہ اور بادشاہوں کا جبر دنیا کے سامنے عیاں ہے۔ ہسپانوی، ڈچ، پرتگیزی اور برطانوی سامراجیوں کا جنوبی امریکا پر قبضہ اور لوٹ مار سب جانتے ہیں۔ قائد اعظم نے 4 ستمبر اور 12 ستمبر 1929 میں سنٹرل اسمبلی دہلی میں خطاب کرتے ہوئے کہا تھا۔ قتل و غارت گری کا یہ حال تھا کہ سابق بیرا (پیرو) اور بولیویا آرس (موجودہ ارجنٹائن) پر قابض سپرا رسک کو 17 اکتوبر 1781 کو ارجنٹائن بلکہ جنوبی امریکا کے عظیم انقلابی ہیرو ٹوپک کتاری کو گرفتار کیا اور انہیں 15 نومبر 1781 کو اذیت دے کر مار دیا گیا۔ بھگت سنگھ کی پھانسی کا جیل میں ذکر ہوا تو انسانوں کا سمندر جمع تھا۔ اس خوف سے انگریز سرکار نے 1857 کی جنگ آزادی کو غدر کہا۔ بیرونی حملہ آوروں یا راجہ اور بادشاہوں کا جبر دنیا کے سامنے عیاں ہے۔ ہسپانوی، ڈچ، پرتگیزی اور برطانوی سامراجیوں کا جنوبی امریکا پر قبضہ اور لوٹ مار سب جانتے ہیں۔ قائد اعظم نے 4 ستمبر اور 12 ستمبر 1929 میں سنٹرل اسمبلی دہلی میں خطاب کرتے ہوئے کہا تھا۔ قتل و غارت گری کا یہ حال تھا کہ سابق بیرا (پیرو) اور بولیویا آرس (موجودہ ارجنٹائن) پر قابض سپرا رسک کو 17 اکتوبر 1781 کو ارجنٹائن بلکہ جنوبی امریکا کے عظیم انقلابی ہیرو ٹوپک کتاری کو گرفتار کیا اور انہیں 15 نومبر 1781 کو اذیت دے کر مار دیا گیا۔ بھگت سنگھ کی پھانسی کا جیل میں ذکر ہوا تو انسانوں کا سمندر جمع تھا۔ اس خوف سے انگریز سرکار نے 1857 کی جنگ آزادی کو غدر کہا۔ بیرونی حملہ آوروں یا راجہ اور بادشاہوں کا جبر دنیا کے سامنے عیاں ہے۔ ہسپانوی، ڈچ، پرتگیزی اور برطانوی سامراجیوں کا جنوبی امریکا پر قبضہ اور لوٹ مار سب جانتے ہیں۔ قائد اعظم نے 4 ستمبر اور 12 ستمبر 1929 میں سنٹرل اسمبلی دہلی میں خطاب کرتے ہوئے کہا تھا۔ قتل و غارت گری کا یہ حال تھا کہ سابق بیرا (پیرو) اور بولیویا آرس (موجودہ ارجنٹائن) پر قابض سپرا رسک کو 17 اکتوبر 1781 کو ارجنٹائن بلکہ جنوبی امریکا کے عظیم انقلابی ہیرو ٹوپک کتاری کو گرفتار کیا اور انہیں 15 نومبر 1781 کو اذیت دے کر مار دیا گیا۔ بھگت سنگھ کی پھانسی کا جیل میں ذکر ہوا تو انسانوں کا سمندر جمع تھا۔ اس خوف سے انگریز سرکار نے 1857 کی جنگ آزادی کو غدر کہا۔ بیرونی حملہ آوروں یا راجہ اور بادشاہوں کا جبر دنیا کے سامنے عیاں ہے۔ ہسپانوی، ڈچ، پرتگیزی اور برطانوی سامراجیوں کا جنوبی امریکا پر قبضہ اور لوٹ مار سب جانتے ہیں۔ قائد اعظم نے 4 ستمبر اور 12 ستمبر 1929 میں سنٹرل اسمبلی دہلی میں خطاب کرتے ہوئے کہا تھا۔ قتل و غارت گری کا یہ حال تھا کہ سابق بیرا (پیرو) اور بولیویا آرس (موجودہ ارجنٹائن) پر قابض سپرا رسک کو 17 اکتوبر 1781 کو ارجنٹائن بلکہ جنوبی امریکا کے عظیم انقلابی ہیرو ٹوپک کتاری کو گرفتار کیا اور انہیں 15 نومبر 1781 کو اذیت دے کر مار دیا گیا۔ بھگت سنگھ کی پھانسی کا جیل میں ذکر ہوا تو انسانوں کا سمندر جمع تھا۔ اس خوف سے انگریز سرکار نے 1857 کی جنگ آزادی کو غدر کہا۔ بیرونی حملہ آوروں یا راجہ اور بادشاہوں کا جبر دنیا کے سامنے عیاں ہے۔ ہسپانوی، ڈچ، پرتگیزی اور برطانوی سامراجیوں کا جنوبی امریکا پر قبضہ اور لوٹ مار سب جانتے ہیں۔ قائد اعظم نے 4 ستمبر اور 12 ستمبر 1929 میں سنٹرل اسمبلی دہلی میں خطاب کرتے ہوئے کہا تھا۔ قتل و غارت گری کا یہ حال تھا کہ سابق بیرا (پیرو) اور بولیویا آرس (موجودہ ارجنٹائن) پر قابض سپرا رسک کو 17 اکتوبر 1781 کو ارجنٹائن بلکہ جنوبی امریکا کے عظیم انقلابی ہیرو ٹوپک کتاری کو گرفتار کیا اور انہیں 15 نومبر 1781 کو اذیت دے کر مار دیا گیا۔ بھگت سنگھ کی پھانسی کا جیل میں ذکر ہوا تو انسانوں کا سمندر جمع تھا۔ اس خوف سے انگریز سرکار نے 1857 کی جنگ آزادی کو غدر کہا۔ بیرونی حملہ آوروں یا راجہ اور بادشاہوں کا جبر دنیا کے سامنے عیاں ہے۔ ہسپانوی، ڈچ، پرتگیزی اور برطانوی سامراجیوں کا جنوبی امریکا پر قبضہ اور لوٹ مار سب جانتے ہیں۔ قائد اعظم نے 4 ستمبر اور 12 ستمبر 1929 میں سنٹرل اسمبلی دہلی میں خطاب کرتے ہوئے کہا تھا۔ قتل و غارت گری کا یہ حال تھا کہ سابق بیرا (پیرو) اور بولیویا آرس (موجودہ ارجنٹائن) پر قابض سپرا رسک کو 17 اکتوبر 1781 کو ارجنٹائن بلکہ جنوبی امریکا کے عظیم انقلابی ہیرو ٹوپک کتاری کو گرفتار کیا اور انہیں 15 نومبر 1781 کو اذیت دے کر مار دیا گیا۔ بھگت سنگھ کی پھانسی کا جیل میں ذکر ہوا تو انسانوں کا سمندر جمع تھا۔ اس خوف سے انگریز سرکار نے 1857 کی جنگ آزادی کو غدر کہا۔
سنہرے اقوال
☆ جو شخص اللہ سے ڈرتا ہے وہ بدلہ نہیں لیتا۔
☆ وقت، موسم اور دولت ہمیشہ بدلتے رہتے ہیں۔
☆ سچ بولنا بے شک بڑی بات ہے مگر اس سے بڑی بات یہ ہے کہ آپ میں سچ سننے کی ہمت ہو۔
☆ زیادہ سونے والے کی ہو سکتا ہے کہ صحت اچھی ہو جائے مگر اس کا وقت اچھا نہیں رہتا۔
